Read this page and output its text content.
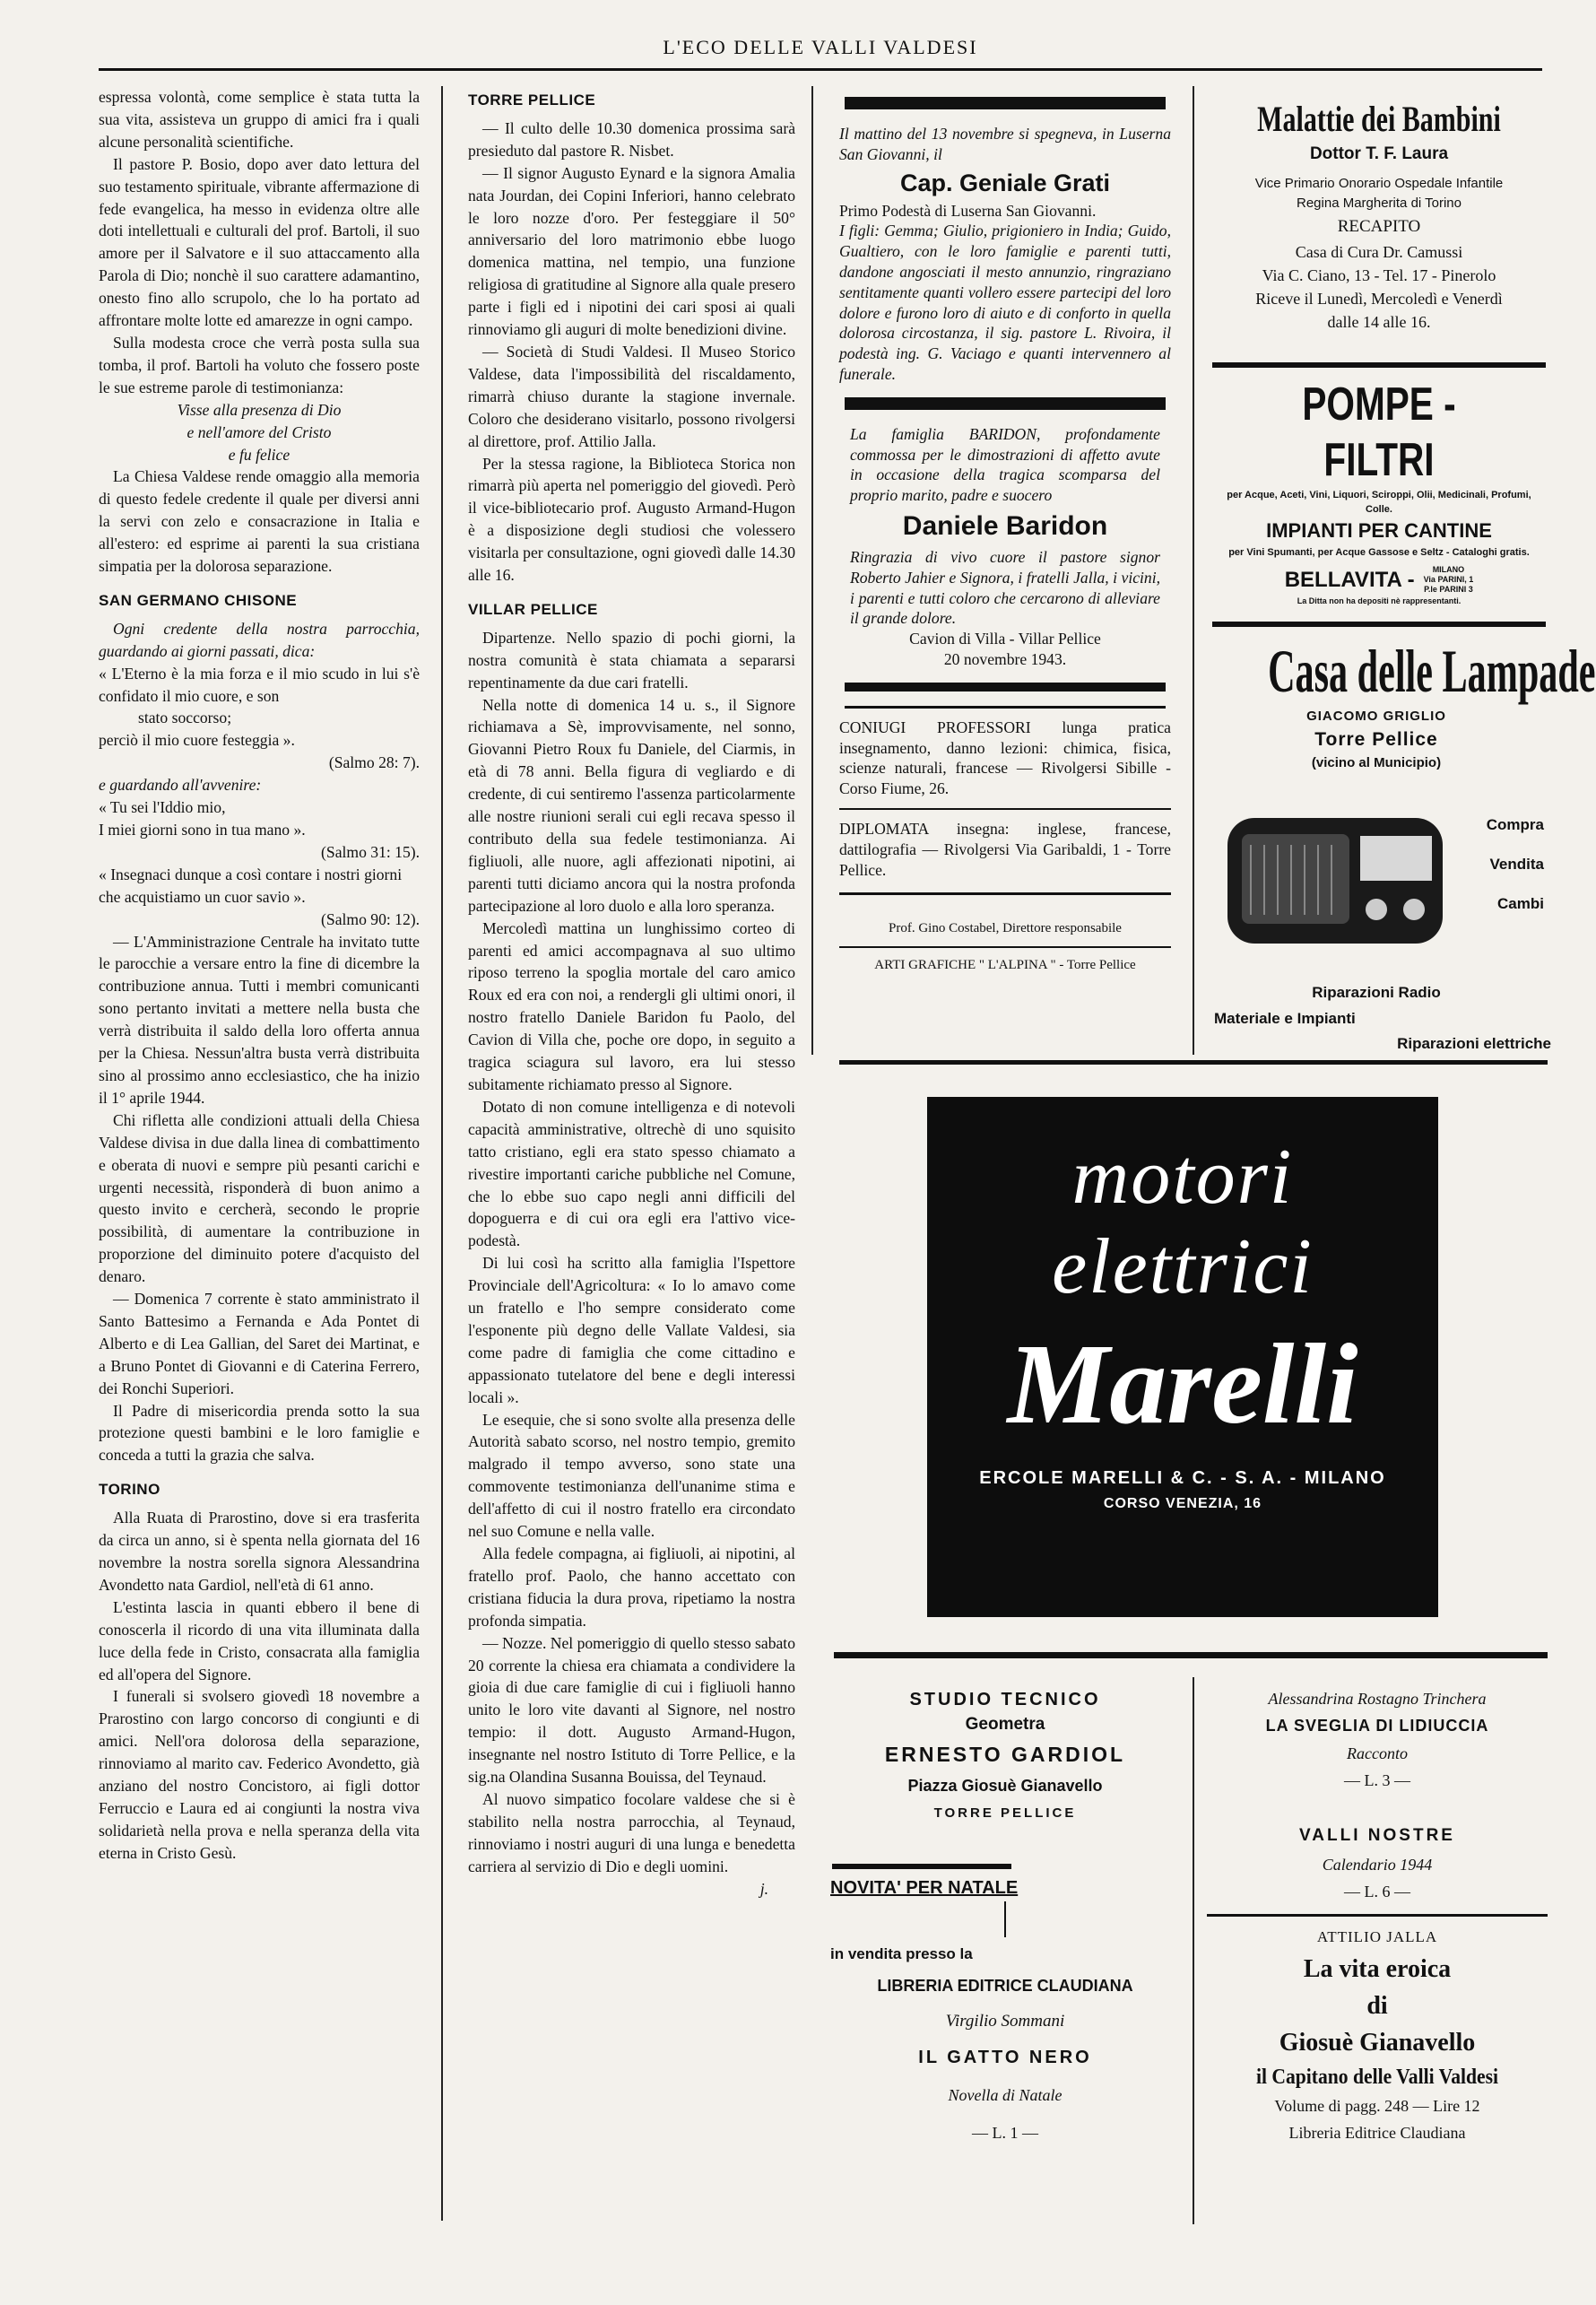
L'ECO DELLE VALLI VALDESI

espressa volontà, come semplice è stata tutta la sua vita, assisteva un gruppo di amici fra i quali alcune personalità scientifiche.

Il pastore P. Bosio, dopo aver dato lettura del suo testamento spirituale, vibrante affermazione di fede evangelica, ha messo in evidenza oltre alle doti intellettuali e culturali del prof. Bartoli, il suo amore per il Salvatore e il suo attaccamento alla Parola di Dio; nonchè il suo carattere adamantino, onesto fino allo scrupolo, che lo ha portato ad affrontare molte lotte ed amarezze in ogni campo.

Sulla modesta croce che verrà posta sulla sua tomba, il prof. Bartoli ha voluto che fossero poste le sue estreme parole di testimonianza:

Visse alla presenza di Dio

e nell'amore del Cristo

e fu felice

La Chiesa Valdese rende omaggio alla memoria di questo fedele credente il quale per diversi anni la servi con zelo e consacrazione in Italia e all'estero: ed esprime ai parenti la sua cristiana simpatia per la dolorosa separazione.

SAN GERMANO CHISONE

Ogni credente della nostra parrocchia, guardando ai giorni passati, dica:

« L'Eterno è la mia forza e il mio scudo in lui s'è confidato il mio cuore, e son

stato soccorso;

perciò il mio cuore festeggia ».

(Salmo 28: 7).

e guardando all'avvenire:

« Tu sei l'Iddio mio,

I miei giorni sono in tua mano ».

(Salmo 31: 15).

« Insegnaci dunque a così contare i nostri giorni

che acquistiamo un cuor savio ».

(Salmo 90: 12).

— L'Amministrazione Centrale ha invitato tutte le parocchie a versare entro la fine di dicembre la contribuzione annua. Tutti i membri comunicanti sono pertanto invitati a mettere nella busta che verrà distribuita il saldo della loro offerta annua per la Chiesa. Nessun'altra busta verrà distribuita sino al prossimo anno ecclesiastico, che ha inizio il 1° aprile 1944.

Chi rifletta alle condizioni attuali della Chiesa Valdese divisa in due dalla linea di combattimento e oberata di nuovi e sempre più pesanti carichi e urgenti necessità, risponderà di buon animo a questo invito e cercherà, secondo le proprie possibilità, di aumentare la contribuzione in proporzione del diminuito potere d'acquisto del denaro.

— Domenica 7 corrente è stato amministrato il Santo Battesimo a Fernanda e Ada Pontet di Alberto e di Lea Gallian, del Saret dei Martinat, e a Bruno Pontet di Giovanni e di Caterina Ferrero, dei Ronchi Superiori.

Il Padre di misericordia prenda sotto la sua protezione questi bambini e le loro famiglie e conceda a tutti la grazia che salva.

TORINO

Alla Ruata di Prarostino, dove si era trasferita da circa un anno, si è spenta nella giornata del 16 novembre la nostra sorella signora Alessandrina Avondetto nata Gardiol, nell'età di 61 anno.

L'estinta lascia in quanti ebbero il bene di conoscerla il ricordo di una vita illuminata dalla luce della fede in Cristo, consacrata alla famiglia ed all'opera del Signore.

I funerali si svolsero giovedì 18 novembre a Prarostino con largo concorso di congiunti e di amici. Nell'ora dolorosa della separazione, rinnoviamo al marito cav. Federico Avondetto, già anziano del nostro Concistoro, ai figli dottor Ferruccio e Laura ed ai congiunti la nostra viva solidarietà nella prova e nella speranza della vita eterna in Cristo Gesù.

TORRE PELLICE

— Il culto delle 10.30 domenica prossima sarà presieduto dal pastore R. Nisbet.

— Il signor Augusto Eynard e la signora Amalia nata Jourdan, dei Copini Inferiori, hanno celebrato le loro nozze d'oro. Per festeggiare il 50° anniversario del loro matrimonio ebbe luogo domenica mattina, nel tempio, una funzione religiosa di gratitudine al Signore alla quale presero parte i figli ed i nipotini dei cari sposi ai quali rinnoviamo gli auguri di molte benedizioni divine.

— Società di Studi Valdesi. Il Museo Storico Valdese, data l'impossibilità del riscaldamento, rimarrà chiuso durante la stagione invernale. Coloro che desiderano visitarlo, possono rivolgersi al direttore, prof. Attilio Jalla.

Per la stessa ragione, la Biblioteca Storica non rimarrà più aperta nel pomeriggio del giovedì. Però il vice-bibliotecario prof. Augusto Armand-Hugon è a disposizione degli studiosi che volessero visitarla per consultazione, ogni giovedì dalle 14.30 alle 16.

VILLAR PELLICE

Dipartenze. Nello spazio di pochi giorni, la nostra comunità è stata chiamata a separarsi repentinamente da due cari fratelli.

Nella notte di domenica 14 u. s., il Signore richiamava a Sè, improvvisamente, nel sonno, Giovanni Pietro Roux fu Daniele, del Ciarmis, in età di 78 anni. Bella figura di vegliardo e di credente, di cui sentiremo l'assenza particolarmente alle nostre riunioni serali cui egli recava spesso il contributo della sua fedele testimonianza. Ai figliuoli, alle nuore, agli affezionati nipotini, ai parenti tutti diciamo ancora qui la nostra profonda partecipazione al loro duolo e alla loro speranza.

Mercoledì mattina un lunghissimo corteo di parenti ed amici accompagnava al suo ultimo riposo terreno la spoglia mortale del caro amico Roux ed era con noi, a rendergli gli ultimi onori, il nostro fratello Daniele Baridon fu Paolo, del Cavion di Villa che, poche ore dopo, in seguito a tragica sciagura sul lavoro, era lui stesso subitamente richiamato presso al Signore.

Dotato di non comune intelligenza e di notevoli capacità amministrative, oltrechè di uno squisito tatto cristiano, egli era stato spesso chiamato a rivestire importanti cariche pubbliche nel Comune, che lo ebbe suo capo negli anni difficili del dopoguerra e di cui ora egli era l'attivo vice-podestà.

Di lui così ha scritto alla famiglia l'Ispettore Provinciale dell'Agricoltura: « Io lo amavo come un fratello e l'ho sempre considerato come l'esponente più degno delle Vallate Valdesi, sia come padre di famiglia che come cittadino e appassionato tutelatore del bene e degli interessi locali ».

Le esequie, che si sono svolte alla presenza delle Autorità sabato scorso, nel nostro tempio, gremito malgrado il tempo avverso, sono state una commovente testimonianza dell'unanime stima e dell'affetto di cui il nostro fratello era circondato nel suo Comune e nella valle.

Alla fedele compagna, ai figliuoli, ai nipotini, al fratello prof. Paolo, che hanno accettato con cristiana fiducia la dura prova, ripetiamo la nostra profonda simpatia.

— Nozze. Nel pomeriggio di quello stesso sabato 20 corrente la chiesa era chiamata a condividere la gioia di due care famiglie di cui i figliuoli hanno unito le loro vite davanti al Signore, nel nostro tempio: il dott. Augusto Armand-Hugon, insegnante nel nostro Istituto di Torre Pellice, e la sig.na Olandina Susanna Bouissa, del Teynaud.

Al nuovo simpatico focolare valdese che si è stabilito nella nostra parrocchia, al Teynaud, rinnoviamo i nostri auguri di una lunga e benedetta carriera al servizio di Dio e degli uomini.

j.

Il mattino del 13 novembre si spegneva, in Luserna San Giovanni, il

Cap. Geniale Grati

Primo Podestà di Luserna San Giovanni.

I figli: Gemma; Giulio, prigioniero in India; Guido, Gualtiero, con le loro famiglie e parenti tutti, dandone angosciati il mesto annunzio, ringraziano sentitamente quanti vollero essere partecipi del loro dolore e furono loro di aiuto e di conforto in quella dolorosa circostanza, il sig. pastore L. Rivoira, il podestà ing. G. Vaciago e quanti intervennero al funerale.

La famiglia BARIDON, profondamente commossa per le dimostrazioni di affetto avute in occasione della tragica scomparsa del proprio marito, padre e suocero

Daniele Baridon

Ringrazia di vivo cuore il pastore signor Roberto Jahier e Signora, i fratelli Jalla, i vicini, i parenti e tutti coloro che cercarono di alleviare il grande dolore.

Cavion di Villa - Villar Pellice

20 novembre 1943.

CONIUGI PROFESSORI lunga pratica insegnamento, danno lezioni: chimica, fisica, scienze naturali, francese — Rivolgersi Sibille - Corso Fiume, 26.

DIPLOMATA insegna: inglese, francese, dattilografia — Rivolgersi Via Garibaldi, 1 - Torre Pellice.

Prof. Gino Costabel, Direttore responsabile

ARTI GRAFICHE " L'ALPINA " - Torre Pellice

Malattie dei Bambini
Dottor T. F. Laura
Vice Primario Onorario Ospedale Infantile
Regina Margherita di Torino
RECAPITO
Casa di Cura Dr. Camussi
Via C. Ciano, 13 - Tel. 17 - Pinerolo
Riceve il Lunedì, Mercoledì e Venerdì
dalle 14 alle 16.
POMPE - FILTRI
per Acque, Aceti, Vini, Liquori, Sciroppi, Olii, Medicinali, Profumi, Colle.
IMPIANTI PER CANTINE
per Vini Spumanti, per Acque Gassose e Seltz - Cataloghi gratis.
BELLAVITA -	MILANO
Via PARINI, 1
P.le PARINI 3
La Ditta non ha depositi nè rappresentanti.
Casa delle Lampade
GIACOMO GRIGLIO
Torre Pellice
(vicino al Municipio)
Compra
Vendita
Cambi
Riparazioni Radio
Materiale e Impianti
Riparazioni elettriche
motori
elettrici
Marelli
ERCOLE MARELLI & C. - S. A. - MILANO
CORSO VENEZIA, 16
STUDIO TECNICO
Geometra
ERNESTO GARDIOL
Piazza Giosuè Gianavello
TORRE PELLICE
NOVITA' PER NATALE
in vendita presso la
LIBRERIA EDITRICE CLAUDIANA
Virgilio Sommani
IL GATTO NERO
Novella di Natale
— L. 1 —
Alessandrina Rostagno Trinchera
LA SVEGLIA DI LIDIUCCIA
Racconto
— L. 3 —
VALLI NOSTRE
Calendario 1944
— L. 6 —
ATTILIO JALLA
La vita eroica
di
Giosuè Gianavello
il Capitano delle Valli Valdesi
Volume di pagg. 248 — Lire 12
Libreria Editrice Claudiana
